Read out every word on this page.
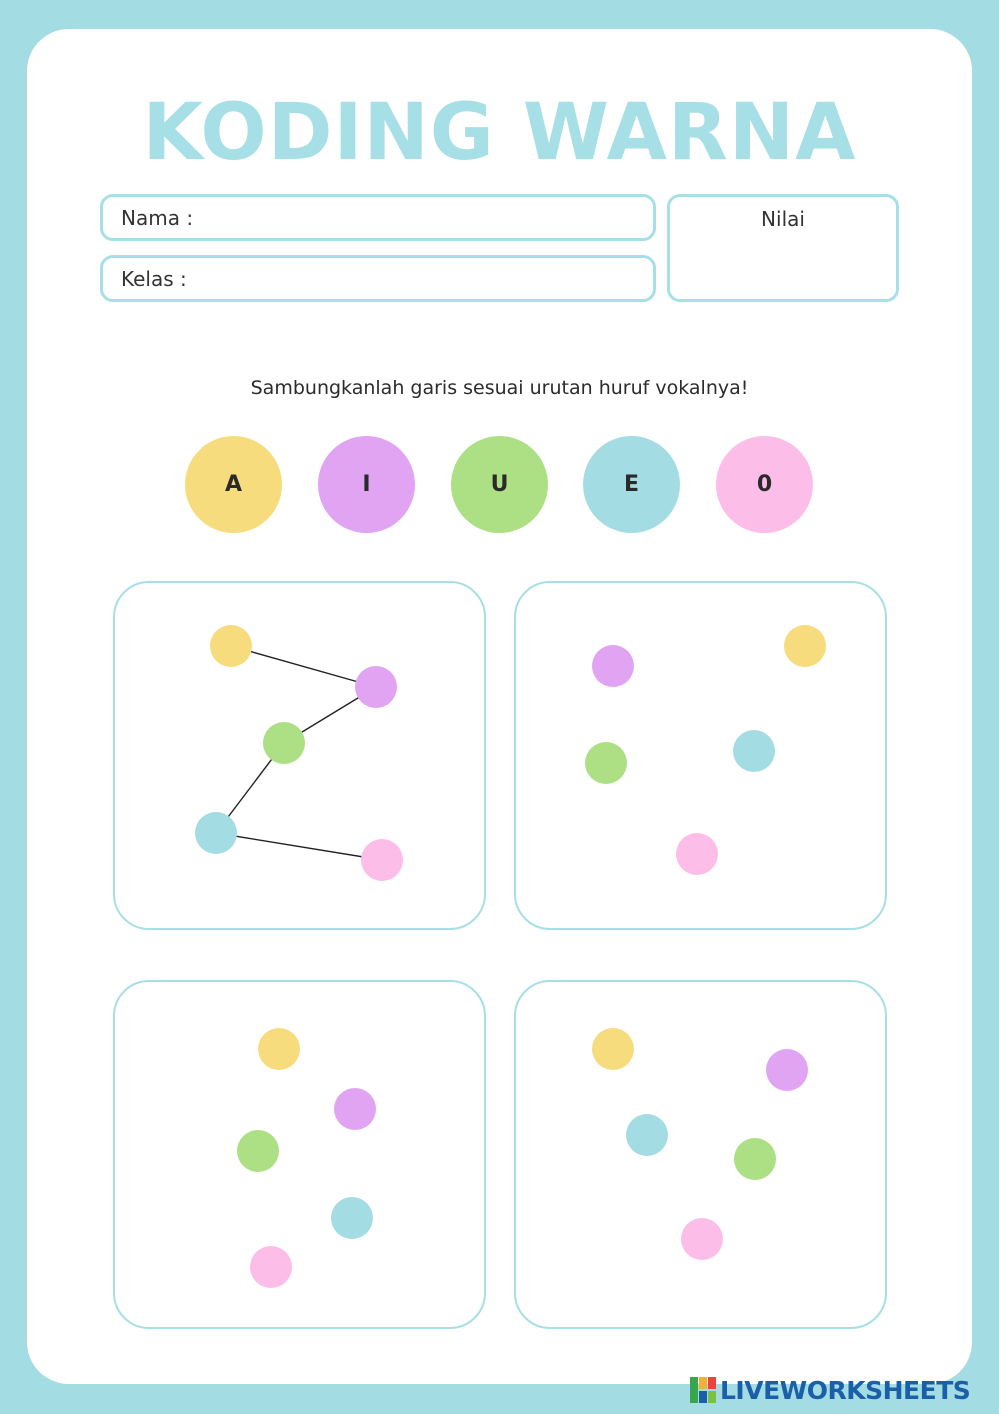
KODING WARNA
Nama :
Kelas :
Nilai
Sambungkanlah garis sesuai urutan huruf vokalnya!
A	I	U	E	0
LIVEWORKSHEETS
